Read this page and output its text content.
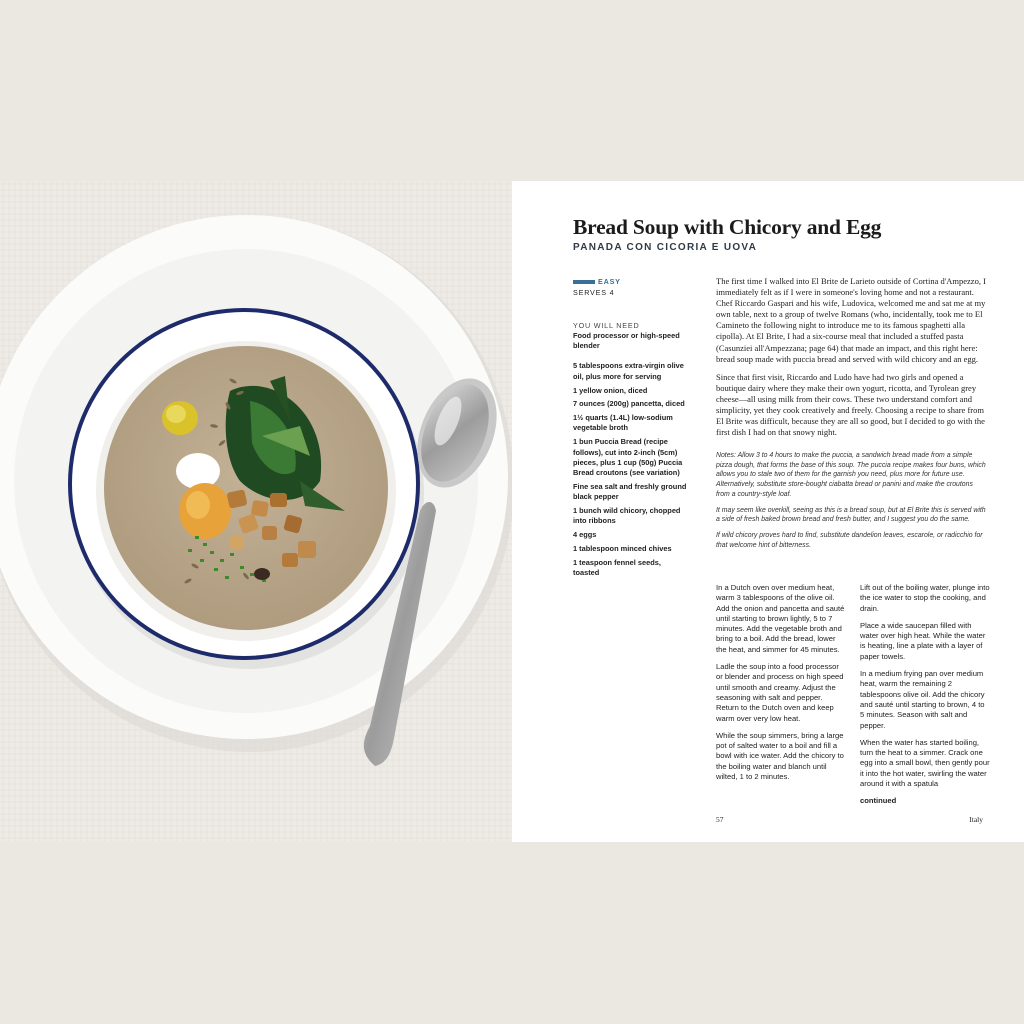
Bread Soup with Chicory and Egg
PANADA CON CICORIA E UOVA
EASY
SERVES 4
YOU WILL NEED
Food processor or high-speed blender
5 tablespoons extra-virgin olive oil, plus more for serving
1 yellow onion, diced
7 ounces (200g) pancetta, diced
1½ quarts (1.4L) low-sodium vegetable broth
1 bun Puccia Bread (recipe follows), cut into 2-inch (5cm) pieces, plus 1 cup (50g) Puccia Bread croutons (see variation)
Fine sea salt and freshly ground black pepper
1 bunch wild chicory, chopped into ribbons
4 eggs
1 tablespoon minced chives
1 teaspoon fennel seeds, toasted

The first time I walked into El Brite de Larieto outside of Cortina d'Ampezzo, I immediately felt as if I were in someone's loving home and not a restaurant. Chef Riccardo Gaspari and his wife, Ludovica, welcomed me and sat me at my own table, next to a group of twelve Romans (who, incidentally, took me to El Camineto the following night to introduce me to its famous spaghetti alla cipolla). At El Brite, I had a six-course meal that included a stuffed pasta (Casunziei all'Ampezzana; page 64) that made an impact, and this right here: bread soup made with puccia bread and served with wild chicory and an egg.

Since that first visit, Riccardo and Ludo have had two girls and opened a boutique dairy where they make their own yogurt, ricotta, and Tyrolean grey cheese—all using milk from their cows. These two understand comfort and simplicity, yet they cook creatively and freely. Choosing a recipe to share from El Brite was difficult, because they are all so good, but I decided to go with the first dish I had on that snowy night.

Notes: Allow 3 to 4 hours to make the puccia, a sandwich bread made from a simple pizza dough, that forms the base of this soup. The puccia recipe makes four buns, which allows you to stale two of them for the garnish you need, plus more for future use. Alternatively, substitute store-bought ciabatta bread or panini and make the croutons from a country-style loaf.

It may seem like overkill, seeing as this is a bread soup, but at El Brite this is served with a side of fresh baked brown bread and fresh butter, and I suggest you do the same.

If wild chicory proves hard to find, substitute dandelion leaves, escarole, or radicchio for that welcome hint of bitterness.

In a Dutch oven over medium heat, warm 3 tablespoons of the olive oil. Add the onion and pancetta and sauté until starting to brown lightly, 5 to 7 minutes. Add the vegetable broth and bring to a boil. Add the bread, lower the heat, and simmer for 45 minutes.

Ladle the soup into a food processor or blender and process on high speed until smooth and creamy. Adjust the seasoning with salt and pepper. Return to the Dutch oven and keep warm over very low heat.

While the soup simmers, bring a large pot of salted water to a boil and fill a bowl with ice water. Add the chicory to the boiling water and blanch until wilted, 1 to 2 minutes.

Lift out of the boiling water, plunge into the ice water to stop the cooking, and drain.

Place a wide saucepan filled with water over high heat. While the water is heating, line a plate with a layer of paper towels.

In a medium frying pan over medium heat, warm the remaining 2 tablespoons olive oil. Add the chicory and sauté until starting to brown, 4 to 5 minutes. Season with salt and pepper.

When the water has started boiling, turn the heat to a simmer. Crack one egg into a small bowl, then gently pour it into the hot water, swirling the water around it with a spatula

continued

57	Italy
